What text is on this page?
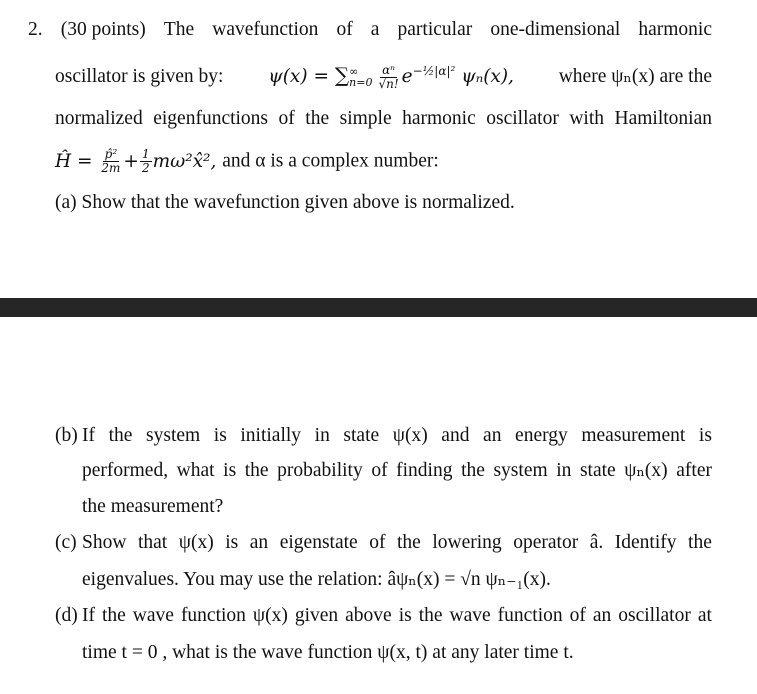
2. (30 points) The wavefunction of a particular one-dimensional harmonic
oscillator is given by: ψ(x) = ∑ ∞
$n=0 \frac{\text{αⁿ}}{√n!} e^{-\frac{1}{2}|\alpha|^2}$ ψₙ(x), where ψₙ(x) are the
normalized eigenfunctions of the simple harmonic oscillator with Hamiltonian
Ĥ = $\frac{\text{p̂²}}{2m} + \frac{1}{2}$ mω²x̂², and α is a complex number:
(a) Show that the wavefunction given above is normalized.
(b) If the system is initially in state ψ(x) and an energy measurement is
performed, what is the probability of finding the system in state ψₙ(x) after
the measurement?
(c) Show that ψ(x) is an eigenstate of the lowering operator â. Identify the
eigenvalues. You may use the relation: âψₙ(x) = √n ψₙ₋₁(x).
(d) If the wave function ψ(x) given above is the wave function of an oscillator at
time t = 0 , what is the wave function ψ(x, t) at any later time t.
